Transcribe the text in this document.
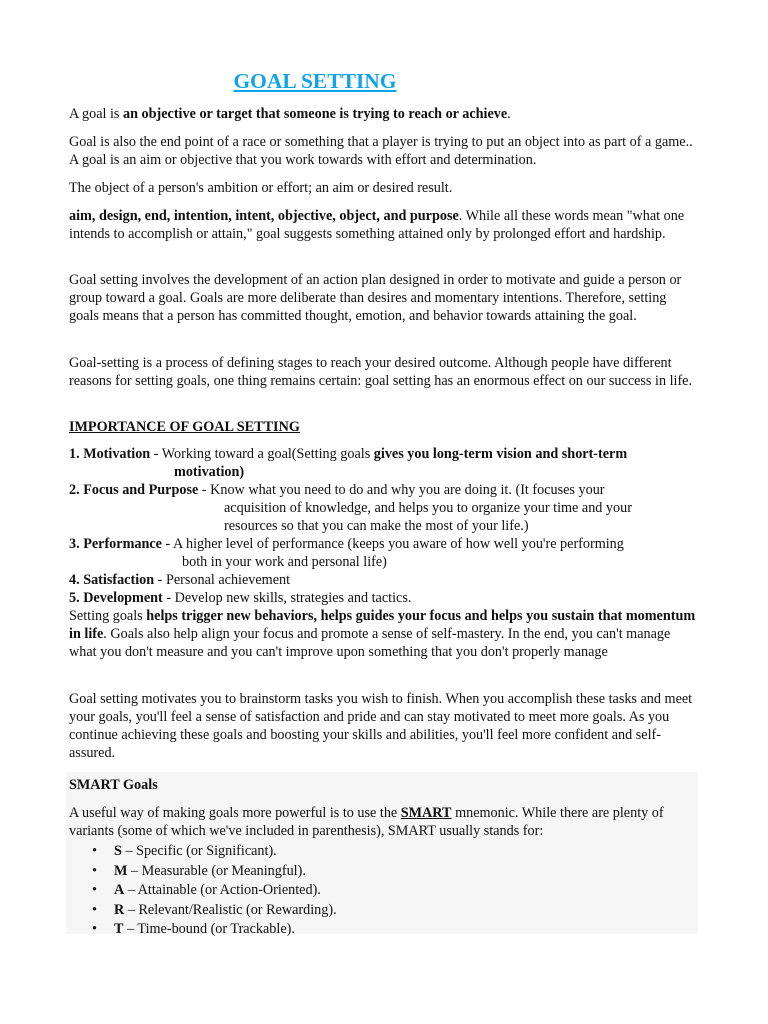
GOAL SETTING

A goal is an objective or target that someone is trying to reach or achieve.

Goal is also the end point of a race or something that a player is trying to put an object into as part of a game.. A goal is an aim or objective that you work towards with effort and determination.

The object of a person's ambition or effort; an aim or desired result.

aim, design, end, intention, intent, objective, object, and purpose. While all these words mean "what one intends to accomplish or attain," goal suggests something attained only by prolonged effort and hardship.

Goal setting involves the development of an action plan designed in order to motivate and guide a person or group toward a goal. Goals are more deliberate than desires and momentary intentions. Therefore, setting goals means that a person has committed thought, emotion, and behavior towards attaining the goal.

Goal-setting is a process of defining stages to reach your desired outcome. Although people have different reasons for setting goals, one thing remains certain: goal setting has an enormous effect on our success in life.

IMPORTANCE OF GOAL SETTING

1. Motivation - Working toward a goal(Setting goals gives you long-term vision and short-term
motivation)
2. Focus and Purpose - Know what you need to do and why you are doing it. (It focuses your
acquisition of knowledge, and helps you to organize your time and your
resources so that you can make the most of your life.)
3. Performance - A higher level of performance (keeps you aware of how well you're performing
both in your work and personal life)
4. Satisfaction - Personal achievement
5. Development - Develop new skills, strategies and tactics.

Setting goals helps trigger new behaviors, helps guides your focus and helps you sustain that momentum in life. Goals also help align your focus and promote a sense of self-mastery. In the end, you can't manage what you don't measure and you can't improve upon something that you don't properly manage

Goal setting motivates you to brainstorm tasks you wish to finish. When you accomplish these tasks and meet your goals, you'll feel a sense of satisfaction and pride and can stay motivated to meet more goals. As you continue achieving these goals and boosting your skills and abilities, you'll feel more confident and self-assured.

SMART Goals

A useful way of making goals more powerful is to use the SMART mnemonic. While there are plenty of variants (some of which we've included in parenthesis), SMART usually stands for:

• S – Specific (or Significant).
• M – Measurable (or Meaningful).
• A – Attainable (or Action-Oriented).
• R – Relevant/Realistic (or Rewarding).
• T – Time-bound (or Trackable).
